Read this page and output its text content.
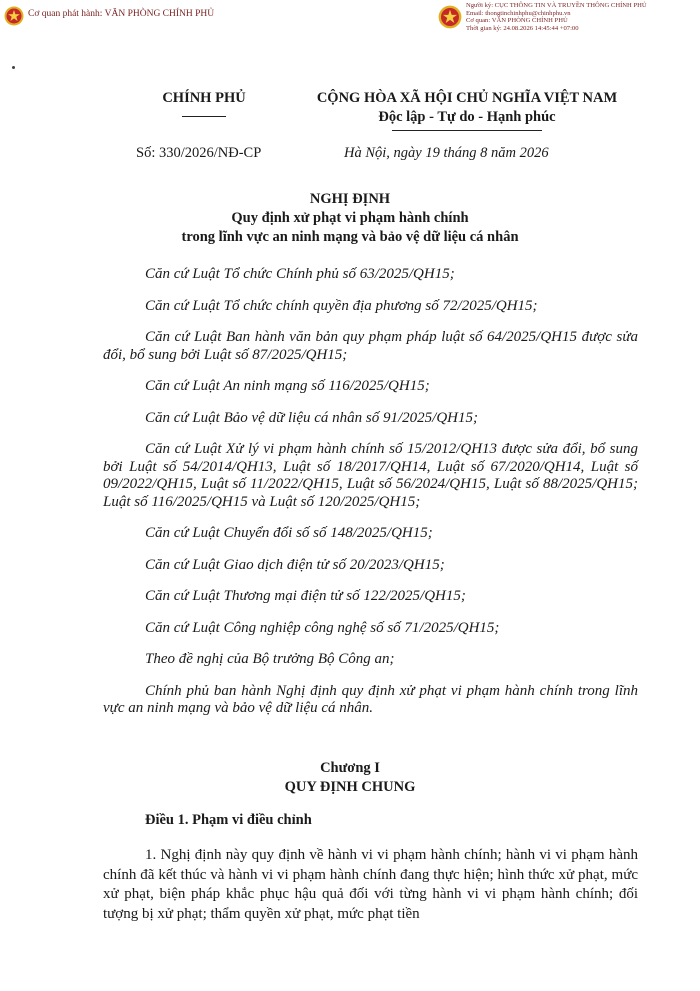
Cơ quan phát hành: VĂN PHÒNG CHÍNH PHỦ
Người ký: CỤC THÔNG TIN VÀ TRUYỀN THÔNG CHÍNH PHỦ
Email: thongtinchinhphu@chinhphu.vn
Cơ quan: VĂN PHÒNG CHÍNH PHỦ
Thời gian ký: 24.08.2026 14:45:44 +07:00
CHÍNH PHỦ	CỘNG HÒA XÃ HỘI CHỦ NGHĨA VIỆT NAM
Độc lập - Tự do - Hạnh phúc
Số: 330/2026/NĐ-CP	Hà Nội, ngày 19 tháng 8 năm 2026
NGHỊ ĐỊNH
Quy định xử phạt vi phạm hành chính
trong lĩnh vực an ninh mạng và bảo vệ dữ liệu cá nhân

Căn cứ Luật Tổ chức Chính phủ số 63/2025/QH15;

Căn cứ Luật Tổ chức chính quyền địa phương số 72/2025/QH15;

Căn cứ Luật Ban hành văn bản quy phạm pháp luật số 64/2025/QH15 được sửa đổi, bổ sung bởi Luật số 87/2025/QH15;

Căn cứ Luật An ninh mạng số 116/2025/QH15;

Căn cứ Luật Bảo vệ dữ liệu cá nhân số 91/2025/QH15;

Căn cứ Luật Xử lý vi phạm hành chính số 15/2012/QH13 được sửa đổi, bổ sung bởi Luật số 54/2014/QH13, Luật số 18/2017/QH14, Luật số 67/2020/QH14, Luật số 09/2022/QH15, Luật số 11/2022/QH15, Luật số 56/2024/QH15, Luật số 88/2025/QH15; Luật số 116/2025/QH15 và Luật số 120/2025/QH15;

Căn cứ Luật Chuyển đổi số số 148/2025/QH15;

Căn cứ Luật Giao dịch điện tử số 20/2023/QH15;

Căn cứ Luật Thương mại điện tử số 122/2025/QH15;

Căn cứ Luật Công nghiệp công nghệ số số 71/2025/QH15;

Theo đề nghị của Bộ trưởng Bộ Công an;

Chính phủ ban hành Nghị định quy định xử phạt vi phạm hành chính trong lĩnh vực an ninh mạng và bảo vệ dữ liệu cá nhân.

Chương I
QUY ĐỊNH CHUNG
Điều 1. Phạm vi điều chỉnh

1. Nghị định này quy định về hành vi vi phạm hành chính; hành vi vi phạm hành chính đã kết thúc và hành vi vi phạm hành chính đang thực hiện; hình thức xử phạt, mức xử phạt, biện pháp khắc phục hậu quả đối với từng hành vi vi phạm hành chính; đối tượng bị xử phạt; thẩm quyền xử phạt, mức phạt tiền
